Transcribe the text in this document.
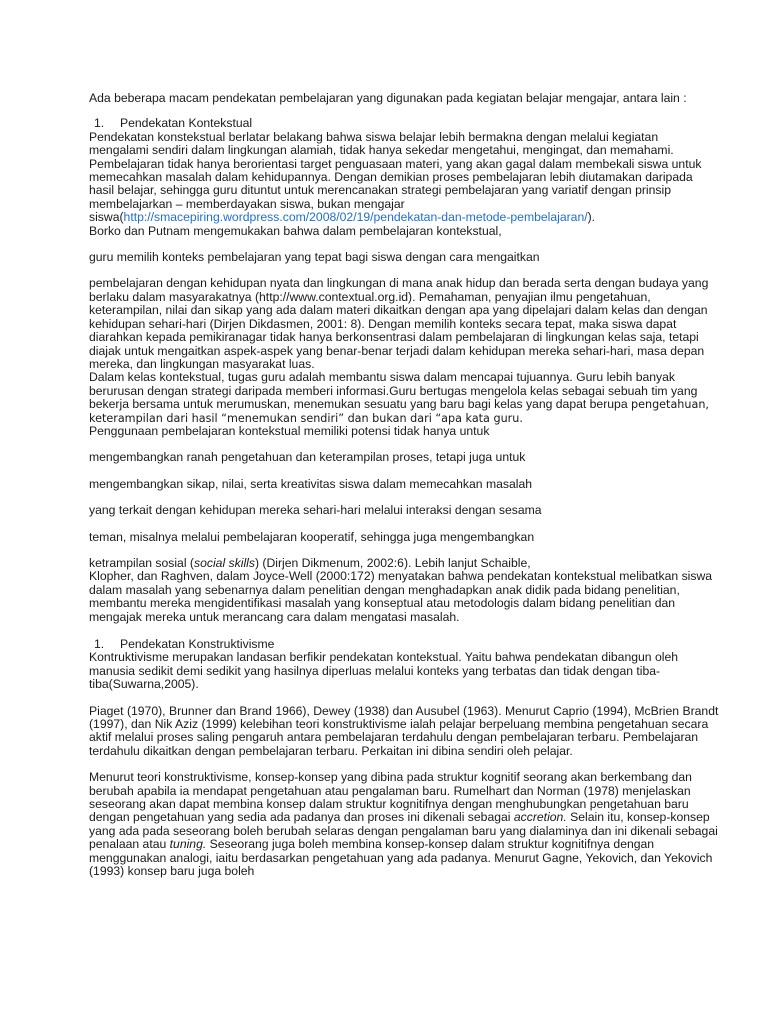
Ada beberapa macam pendekatan pembelajaran yang digunakan pada kegiatan belajar mengajar, antara lain :

1. Pendekatan Kontekstual

Pendekatan konstekstual berlatar belakang bahwa siswa belajar lebih bermakna dengan melalui kegiatan mengalami sendiri dalam lingkungan alamiah, tidak hanya sekedar mengetahui, mengingat, dan memahami. Pembelajaran tidak hanya berorientasi target penguasaan materi, yang akan gagal dalam membekali siswa untuk memecahkan masalah dalam kehidupannya. Dengan demikian proses pembelajaran lebih diutamakan daripada hasil belajar, sehingga guru dituntut untuk merencanakan strategi pembelajaran yang variatif dengan prinsip membelajarkan – memberdayakan siswa, bukan mengajar siswa(http://smacepiring.wordpress.com/2008/02/19/pendekatan-dan-metode-pembelajaran/).

Borko dan Putnam mengemukakan bahwa dalam pembelajaran kontekstual,

guru memilih konteks pembelajaran yang tepat bagi siswa dengan cara mengaitkan

pembelajaran dengan kehidupan nyata dan lingkungan di mana anak hidup dan berada serta dengan budaya yang berlaku dalam masyarakatnya (http://www.contextual.org.id). Pemahaman, penyajian ilmu pengetahuan, keterampilan, nilai dan sikap yang ada dalam materi dikaitkan dengan apa yang dipelajari dalam kelas dan dengan kehidupan sehari-hari (Dirjen Dikdasmen, 2001: 8). Dengan memilih konteks secara tepat, maka siswa dapat diarahkan kepada pemikiranagar tidak hanya berkonsentrasi dalam pembelajaran di lingkungan kelas saja, tetapi diajak untuk mengaitkan aspek-aspek yang benar-benar terjadi dalam kehidupan mereka sehari-hari, masa depan mereka, dan lingkungan masyarakat luas.

Dalam kelas kontekstual, tugas guru adalah membantu siswa dalam mencapai tujuannya. Guru lebih banyak berurusan dengan strategi daripada memberi informasi.Guru bertugas mengelola kelas sebagai sebuah tim yang bekerja bersama untuk merumuskan, menemukan sesuatu yang baru bagi kelas yang dapat berupa pengetahuan, keterampilan dari hasil “menemukan sendiri” dan bukan dari “apa kata guru.

Penggunaan pembelajaran kontekstual memiliki potensi tidak hanya untuk

mengembangkan ranah pengetahuan dan keterampilan proses, tetapi juga untuk

mengembangkan sikap, nilai, serta kreativitas siswa dalam memecahkan masalah

yang terkait dengan kehidupan mereka sehari-hari melalui interaksi dengan sesama

teman, misalnya melalui pembelajaran kooperatif, sehingga juga mengembangkan

ketrampilan sosial (social skills) (Dirjen Dikmenum, 2002:6). Lebih lanjut Schaible,

Klopher, dan Raghven, dalam Joyce-Well (2000:172) menyatakan bahwa pendekatan kontekstual melibatkan siswa dalam masalah yang sebenarnya dalam penelitian dengan menghadapkan anak didik pada bidang penelitian, membantu mereka mengidentifikasi masalah yang konseptual atau metodologis dalam bidang penelitian dan mengajak mereka untuk merancang cara dalam mengatasi masalah.

1. Pendekatan Konstruktivisme

Kontruktivisme merupakan landasan berfikir pendekatan kontekstual. Yaitu bahwa pendekatan dibangun oleh manusia sedikit demi sedikit yang hasilnya diperluas melalui konteks yang terbatas dan tidak dengan tiba-tiba(Suwarna,2005).

Piaget (1970), Brunner dan Brand 1966), Dewey (1938) dan Ausubel (1963). Menurut Caprio (1994), McBrien Brandt (1997), dan Nik Aziz (1999) kelebihan teori konstruktivisme ialah pelajar berpeluang membina pengetahuan secara aktif melalui proses saling pengaruh antara pembelajaran terdahulu dengan pembelajaran terbaru. Pembelajaran terdahulu dikaitkan dengan pembelajaran terbaru. Perkaitan ini dibina sendiri oleh pelajar.

Menurut teori konstruktivisme, konsep-konsep yang dibina pada struktur kognitif seorang akan berkembang dan berubah apabila ia mendapat pengetahuan atau pengalaman baru. Rumelhart dan Norman (1978) menjelaskan seseorang akan dapat membina konsep dalam struktur kognitifnya dengan menghubungkan pengetahuan baru dengan pengetahuan yang sedia ada padanya dan proses ini dikenali sebagai accretion. Selain itu, konsep-konsep yang ada pada seseorang boleh berubah selaras dengan pengalaman baru yang dialaminya dan ini dikenali sebagai penalaan atau tuning. Seseorang juga boleh membina konsep-konsep dalam struktur kognitifnya dengan menggunakan analogi, iaitu berdasarkan pengetahuan yang ada padanya. Menurut Gagne, Yekovich, dan Yekovich (1993) konsep baru juga boleh
